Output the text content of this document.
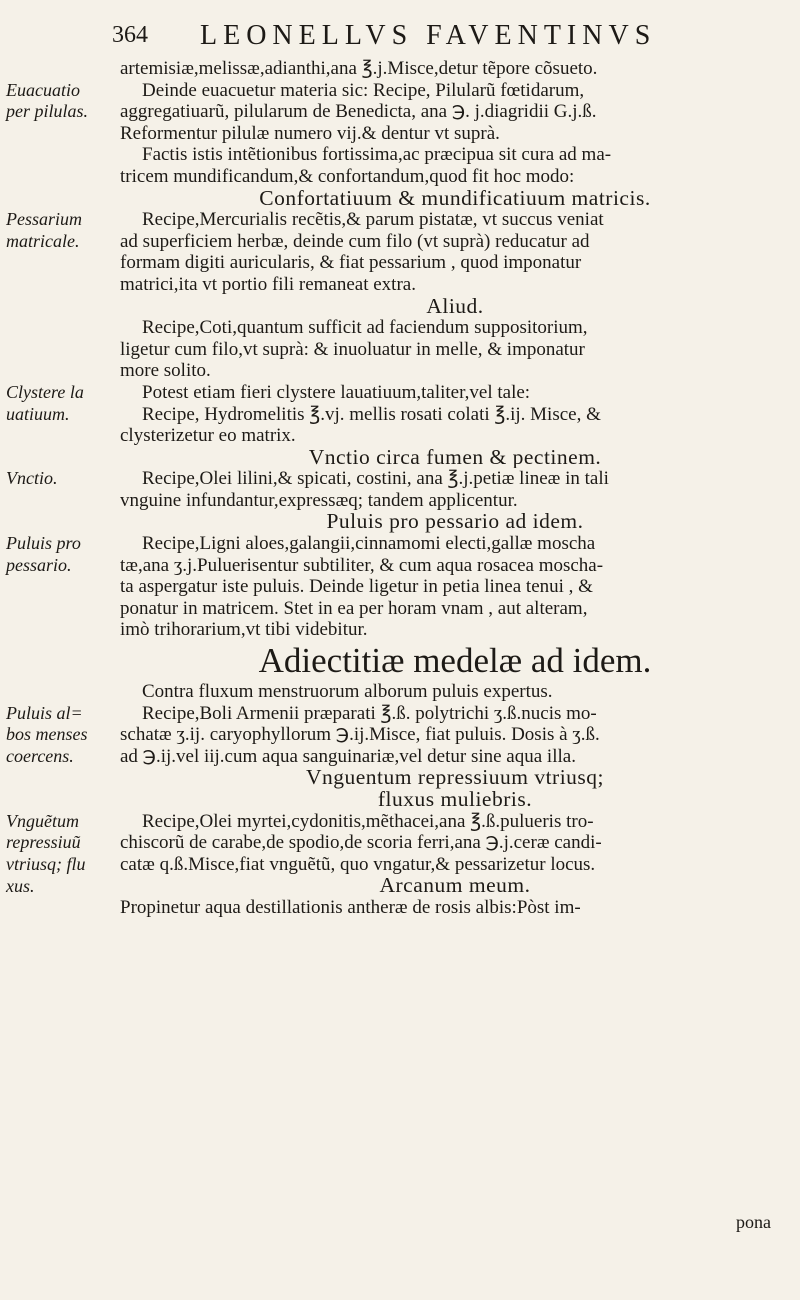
364 LEONELLVS FAVENTINVS
Euacuatio
per pilulas.
Pessarium
matricale.
Clystere la
uatiuum.
Vnctio.
Puluis pro
pessario.
Puluis al=
bos menses
coercens.
Vnguẽtum
repressiuũ
vtriusq; flu
xus.
artemisiæ,melissæ,adianthi,ana ℥.j.Misce,detur tẽpore cõsueto.
Deinde euacuetur materia sic: Recipe, Pilularũ fœtidarum,
aggregatiuarũ, pilularum de Benedicta, ana ℈. j.diagridii G.j.ß.
Reformentur pilulæ numero vij.& dentur vt suprà.
Factis istis intẽtionibus fortissima,ac præcipua sit cura ad ma-
tricem mundificandum,& confortandum,quod fit hoc modo:
Confortatiuum & mundificatiuum matricis.
Recipe,Mercurialis recẽtis,& parum pistatæ, vt succus veniat
ad superficiem herbæ, deinde cum filo (vt suprà) reducatur ad
formam digiti auricularis, & fiat pessarium , quod imponatur
matrici,ita vt portio fili remaneat extra.
Aliud.
Recipe,Coti,quantum sufficit ad faciendum suppositorium,
ligetur cum filo,vt suprà: & inuoluatur in melle, & imponatur
more solito.
Potest etiam fieri clystere lauatiuum,taliter,vel tale:
Recipe, Hydromelitis ℥.vj. mellis rosati colati ℥.ij. Misce, &
clysterizetur eo matrix.
Vnctio circa fumen & pectinem.
Recipe,Olei lilini,& spicati, costini, ana ℥.j.petiæ lineæ in tali
vnguine infundantur,expressæq; tandem applicentur.
Puluis pro pessario ad idem.
Recipe,Ligni aloes,galangii,cinnamomi electi,gallæ moscha
tæ,ana ʒ.j.Puluerisentur subtiliter, & cum aqua rosacea moscha-
ta aspergatur iste puluis. Deinde ligetur in petia linea tenui , &
ponatur in matricem. Stet in ea per horam vnam , aut alteram,
imò trihorarium,vt tibi videbitur.
Adiectitiæ medelæ ad idem.
Contra fluxum menstruorum alborum puluis expertus.
Recipe,Boli Armenii præparati ℥.ß. polytrichi ʒ.ß.nucis mo-
schatæ ʒ.ij. caryophyllorum ℈.ij.Misce, fiat puluis. Dosis à ʒ.ß.
ad ℈.ij.vel iij.cum aqua sanguinariæ,vel detur sine aqua illa.
Vnguentum repressiuum vtriusq;
fluxus muliebris.
Recipe,Olei myrtei,cydonitis,mẽthacei,ana ℥.ß.pulueris tro-
chiscorũ de carabe,de spodio,de scoria ferri,ana ℈.j.ceræ candi-
catæ q.ß.Misce,fiat vnguẽtũ, quo vngatur,& pessarizetur locus.
Arcanum meum.
Propinetur aqua destillationis antheræ de rosis albis:Pòst im-
pona
